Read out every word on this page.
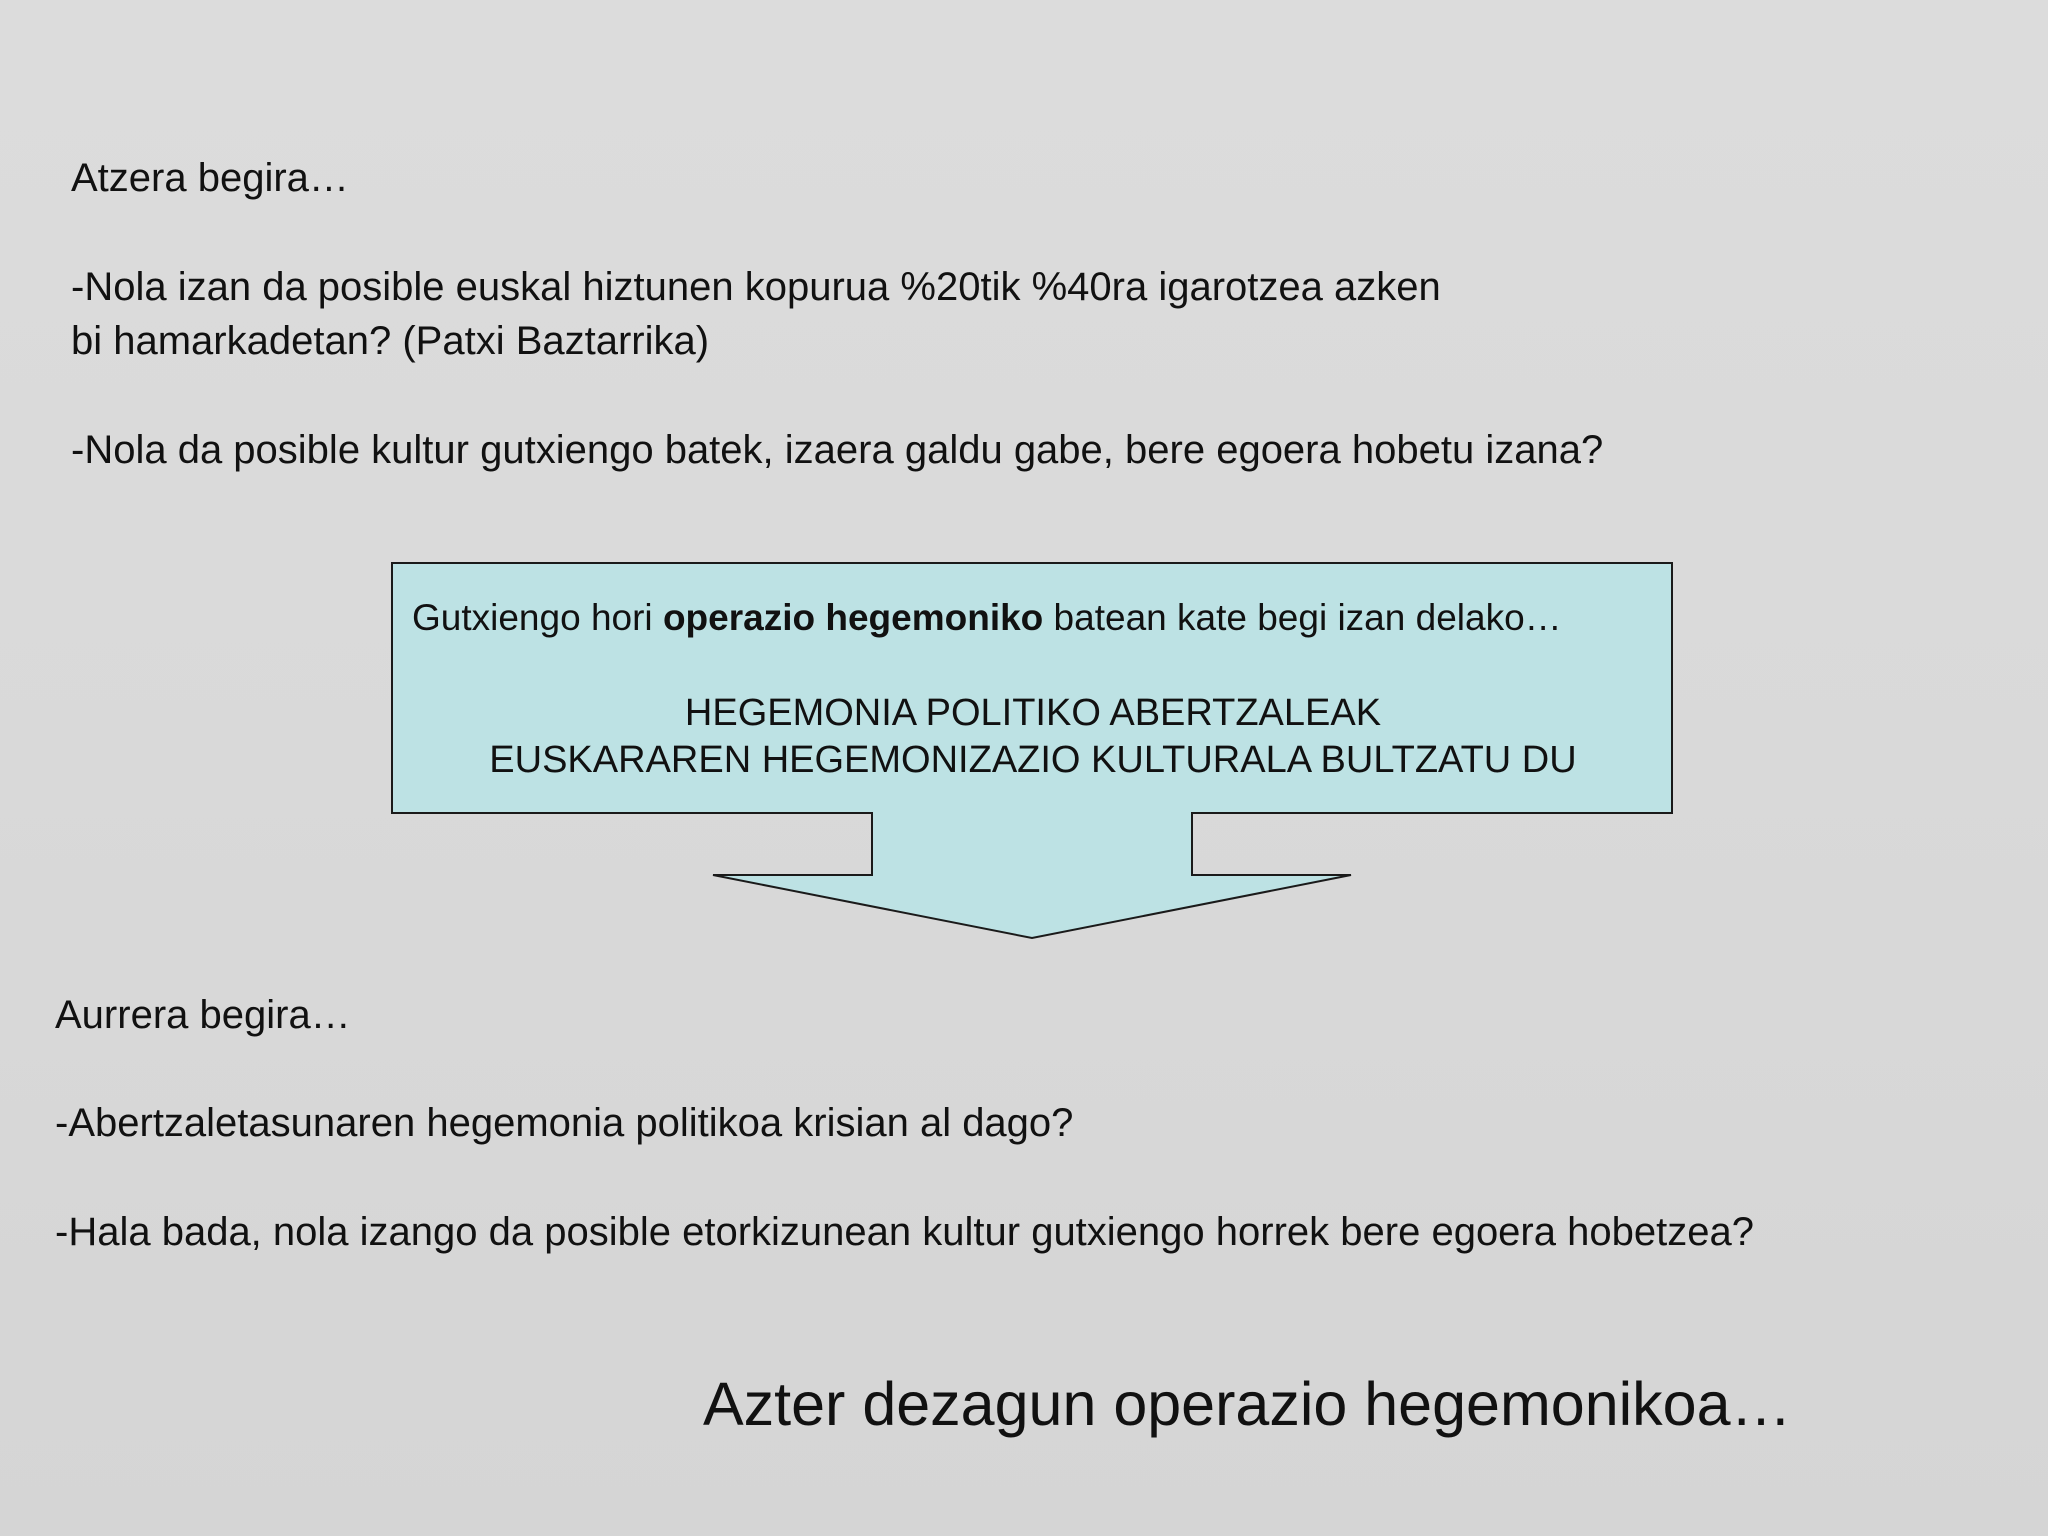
Atzera begira…

-Nola izan da posible euskal hiztunen kopurua %20tik %40ra igarotzea azken

bi hamarkadetan? (Patxi Baztarrika)

-Nola da posible kultur gutxiengo batek, izaera galdu gabe, bere egoera hobetu izana?

Gutxiengo hori operazio hegemoniko batean kate begi izan delako…
HEGEMONIA POLITIKO ABERTZALEAK
EUSKARAREN HEGEMONIZAZIO KULTURALA BULTZATU DU

Aurrera begira…

-Abertzaletasunaren hegemonia politikoa krisian al dago?

-Hala bada, nola izango da posible etorkizunean kultur gutxiengo horrek bere egoera hobetzea?

Azter dezagun operazio hegemonikoa…
